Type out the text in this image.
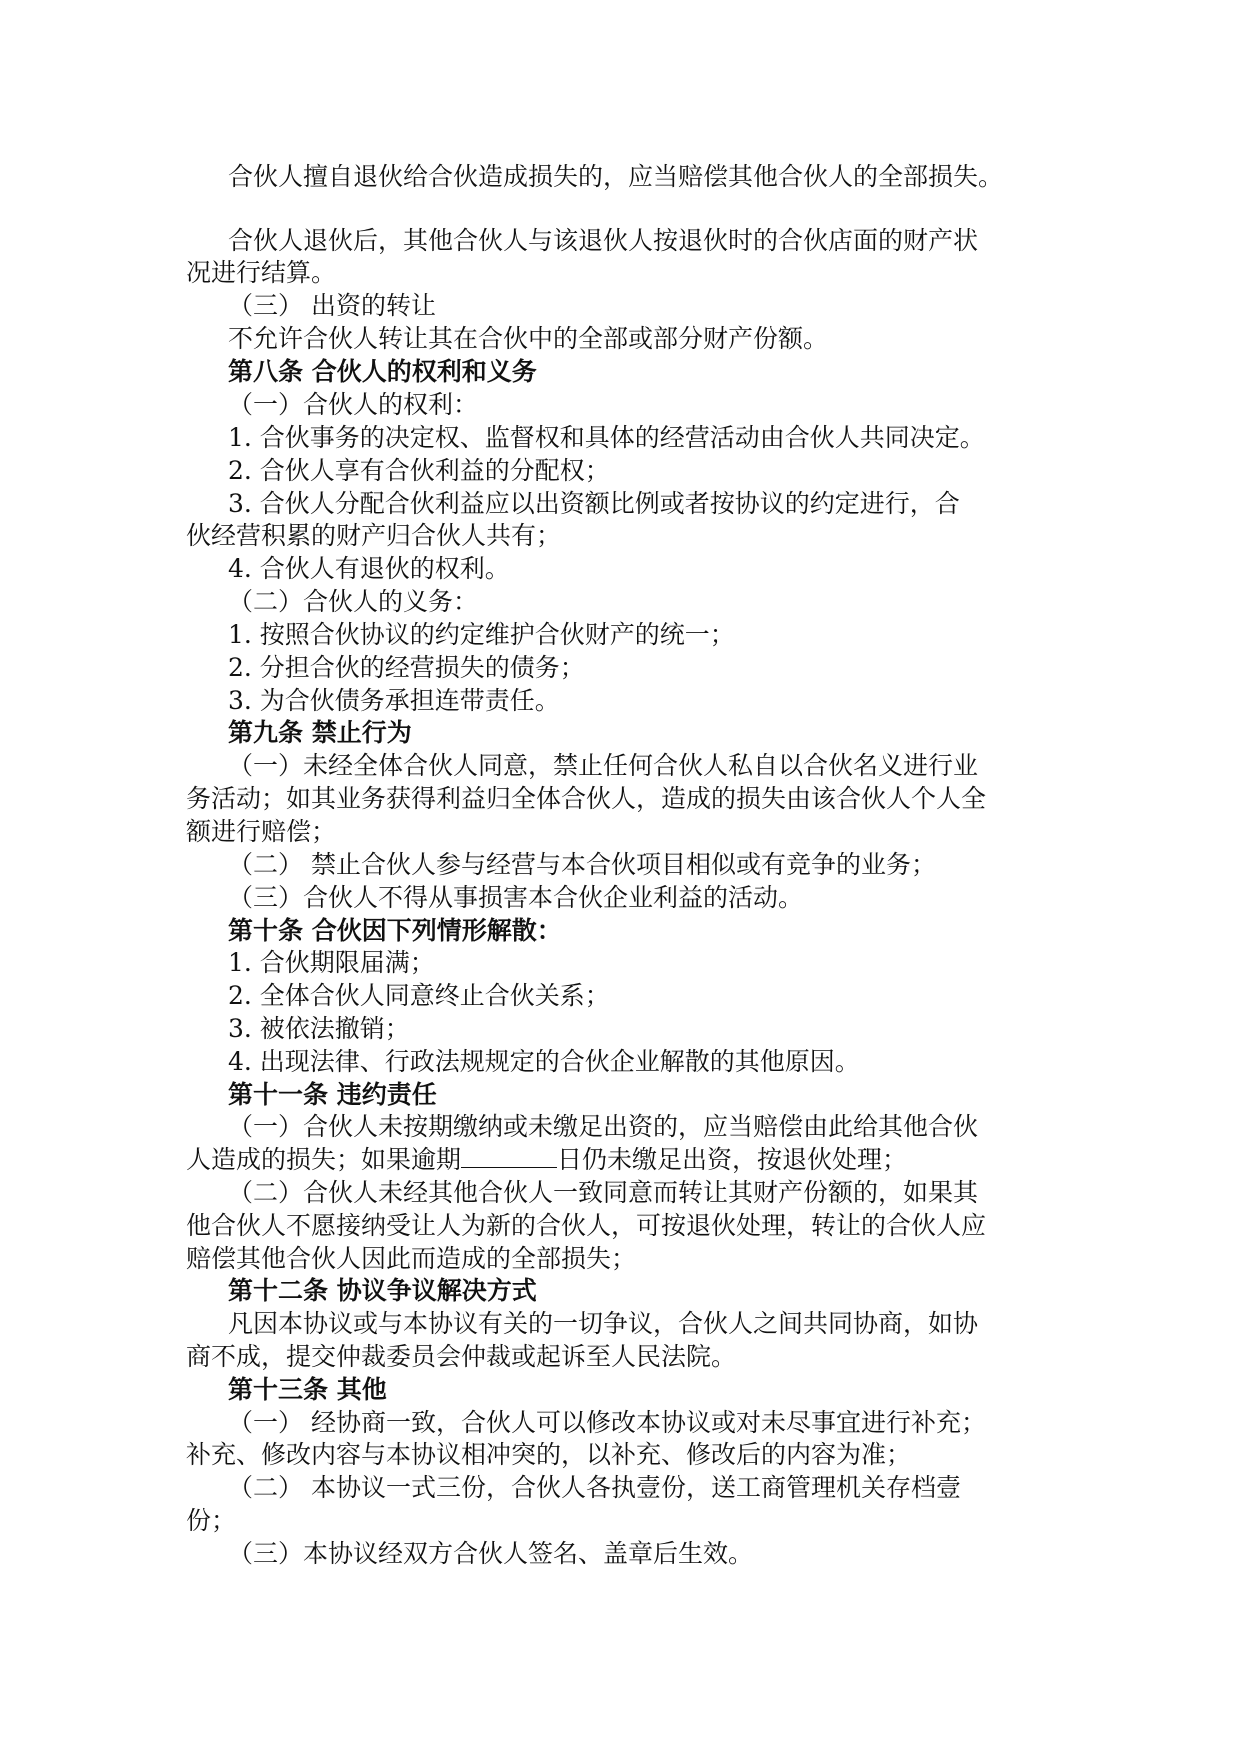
合伙人擅自退伙给合伙造成损失的，应当赔偿其他合伙人的全部损失。
合伙人退伙后，其他合伙人与该退伙人按退伙时的合伙店面的财产状
况进行结算。
（三） 出资的转让
不允许合伙人转让其在合伙中的全部或部分财产份额。
第八条 合伙人的权利和义务
（一）合伙人的权利：
1. 合伙事务的决定权、监督权和具体的经营活动由合伙人共同决定。
2. 合伙人享有合伙利益的分配权；
3. 合伙人分配合伙利益应以出资额比例或者按协议的约定进行，合
伙经营积累的财产归合伙人共有；
4. 合伙人有退伙的权利。
（二）合伙人的义务：
1. 按照合伙协议的约定维护合伙财产的统一；
2. 分担合伙的经营损失的债务；
3. 为合伙债务承担连带责任。
第九条 禁止行为
（一）未经全体合伙人同意，禁止任何合伙人私自以合伙名义进行业
务活动；如其业务获得利益归全体合伙人，造成的损失由该合伙人个人全
额进行赔偿；
（二） 禁止合伙人参与经营与本合伙项目相似或有竞争的业务；
（三）合伙人不得从事损害本合伙企业利益的活动。
第十条 合伙因下列情形解散：
1. 合伙期限届满；
2. 全体合伙人同意终止合伙关系；
3. 被依法撤销；
4. 出现法律、行政法规规定的合伙企业解散的其他原因。
第十一条 违约责任
（一）合伙人未按期缴纳或未缴足出资的，应当赔偿由此给其他合伙
人造成的损失；如果逾期	日仍未缴足出资，按退伙处理；
（二）合伙人未经其他合伙人一致同意而转让其财产份额的，如果其
他合伙人不愿接纳受让人为新的合伙人，可按退伙处理，转让的合伙人应
赔偿其他合伙人因此而造成的全部损失；
第十二条 协议争议解决方式
凡因本协议或与本协议有关的一切争议，合伙人之间共同协商，如协
商不成，提交仲裁委员会仲裁或起诉至人民法院。
第十三条 其他
（一） 经协商一致，合伙人可以修改本协议或对未尽事宜进行补充；
补充、修改内容与本协议相冲突的，以补充、修改后的内容为准；
（二） 本协议一式三份，合伙人各执壹份，送工商管理机关存档壹
份；
（三）本协议经双方合伙人签名、盖章后生效。
